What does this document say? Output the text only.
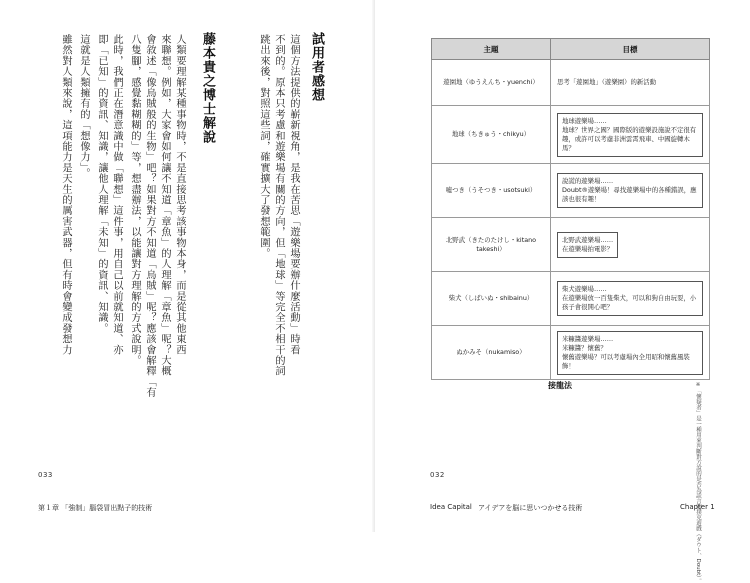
試用者感想
這個方法提供的嶄新視角，是我在苦思「遊樂場要辦什麼活動」時看
不到的。原本只考慮和遊樂場有關的方向，但「地球」等完全不相干的詞
跳出來後，對照這些詞，確實擴大了發想範圍。
藤本貴之博士解說
人類要理解某種事物時，不是直接思考該事物本身，而是從其他東西
來聯想。例如，大家會如何讓不知道「章魚」的人理解「章魚」呢？大概
會敘述「像烏賊般的生物」吧？如果對方不知道「烏賊」呢？應該會解釋「有
八隻腳，感覺黏糊糊的」等，想盡辦法，以能讓對方理解的方式說明。
此時，我們正在潛意識中做「聯想」這件事，用自己以前就知道、亦
即「已知」的資訊、知識，讓他人理解「未知」的資訊、知識。
這就是人類擁有的「想像力」。
雖然對人類來說，這項能力是天生的厲害武器，但有時會變成發想力
033
第１章 「強制」腦袋冒出點子的技術
主題	目標
遊園地（ゆうえんち・yuenchi）	思考「遊園地」（遊樂園）的新活動

地球（ちきゅう・chikyu）	地球遊樂場……
地球？世界之國？國際版的遊樂設施說不定很有趣，或許可以考慮非洲雲霄飛車、中國旋轉木馬？
嘘つき（うそつき・usotsuki）	說謊的遊樂場……
Doubt®遊樂場！尋找遊樂場中的各種錯誤，應該也很有趣！
北野武（きたのたけし・kitano takeshi）	北野武遊樂場……
在遊樂場拍電影？
柴犬（しばいぬ・shibainu）	柴犬遊樂場……
在遊樂場放一百隻柴犬，可以和狗自由玩耍，小孩子會很開心吧？
ぬかみそ（nukamiso）	米糠醬遊樂場……
米糠醬？懷舊？
懷舊遊樂場？可以考慮場內全用昭和懷舊風裝飾！
接龍法	※「懷疑者」是一種用來判斷對方說的是否為謊言的撲克遊戲（ダウト、Doubt）。
032
Idea Capital アイデアを脳に思いつかせる技術	Chapter 1
